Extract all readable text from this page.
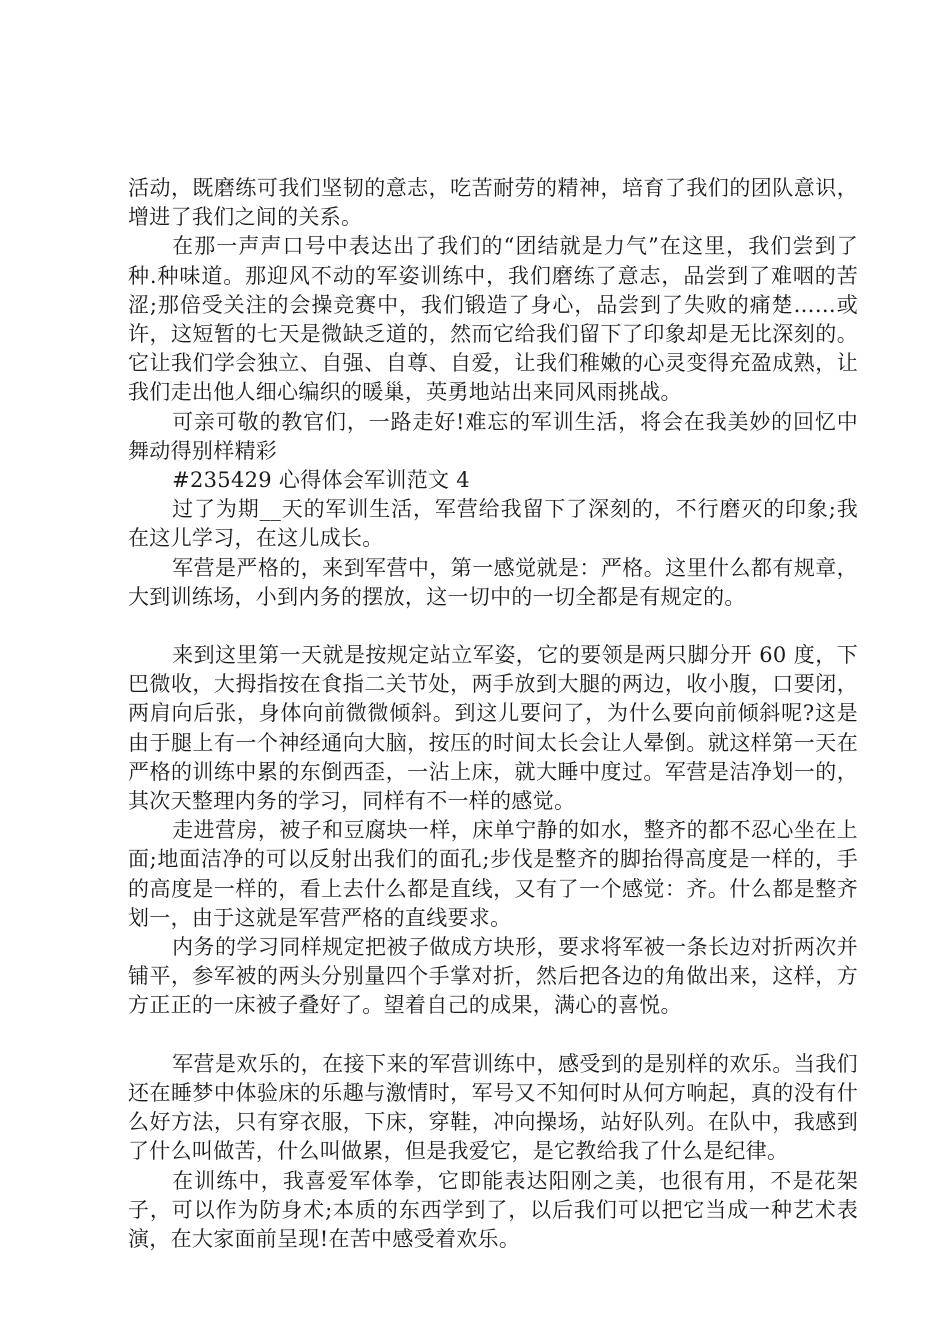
活动，既磨练可我们坚韧的意志，吃苦耐劳的精神，培育了我们的团队意识，增进了我们之间的关系。

在那一声声口号中表达出了我们的“团结就是力气”在这里，我们尝到了种.种味道。那迎风不动的军姿训练中，我们磨练了意志，品尝到了难咽的苦涩;那倍受关注的会操竞赛中，我们锻造了身心，品尝到了失败的痛楚……或许，这短暂的七天是微缺乏道的，然而它给我们留下了印象却是无比深刻的。它让我们学会独立、自强、自尊、自爱，让我们稚嫩的心灵变得充盈成熟，让我们走出他人细心编织的暖巢，英勇地站出来同风雨挑战。

可亲可敬的教官们，一路走好!难忘的军训生活，将会在我美妙的回忆中舞动得别样精彩

#235429 心得体会军训范文 4

过了为期__天的军训生活，军营给我留下了深刻的，不行磨灭的印象;我在这儿学习，在这儿成长。

军营是严格的，来到军营中，第一感觉就是：严格。这里什么都有规章，大到训练场，小到内务的摆放，这一切中的一切全都是有规定的。

来到这里第一天就是按规定站立军姿，它的要领是两只脚分开 60 度，下巴微收，大拇指按在食指二关节处，两手放到大腿的两边，收小腹，口要闭，两肩向后张，身体向前微微倾斜。到这儿要问了，为什么要向前倾斜呢?这是由于腿上有一个神经通向大脑，按压的时间太长会让人晕倒。就这样第一天在严格的训练中累的东倒西歪，一沾上床，就大睡中度过。军营是洁净划一的，其次天整理内务的学习，同样有不一样的感觉。

走进营房，被子和豆腐块一样，床单宁静的如水，整齐的都不忍心坐在上面;地面洁净的可以反射出我们的面孔;步伐是整齐的脚抬得高度是一样的，手的高度是一样的，看上去什么都是直线，又有了一个感觉：齐。什么都是整齐划一，由于这就是军营严格的直线要求。

内务的学习同样规定把被子做成方块形，要求将军被一条长边对折两次并铺平，参军被的两头分别量四个手掌对折，然后把各边的角做出来，这样，方方正正的一床被子叠好了。望着自己的成果，满心的喜悦。

军营是欢乐的，在接下来的军营训练中，感受到的是别样的欢乐。当我们还在睡梦中体验床的乐趣与激情时，军号又不知何时从何方响起，真的没有什么好方法，只有穿衣服，下床，穿鞋，冲向操场，站好队列。在队中，我感到了什么叫做苦，什么叫做累，但是我爱它，是它教给我了什么是纪律。

在训练中，我喜爱军体拳，它即能表达阳刚之美，也很有用，不是花架子，可以作为防身术;本质的东西学到了，以后我们可以把它当成一种艺术表演，在大家面前呈现!在苦中感受着欢乐。
